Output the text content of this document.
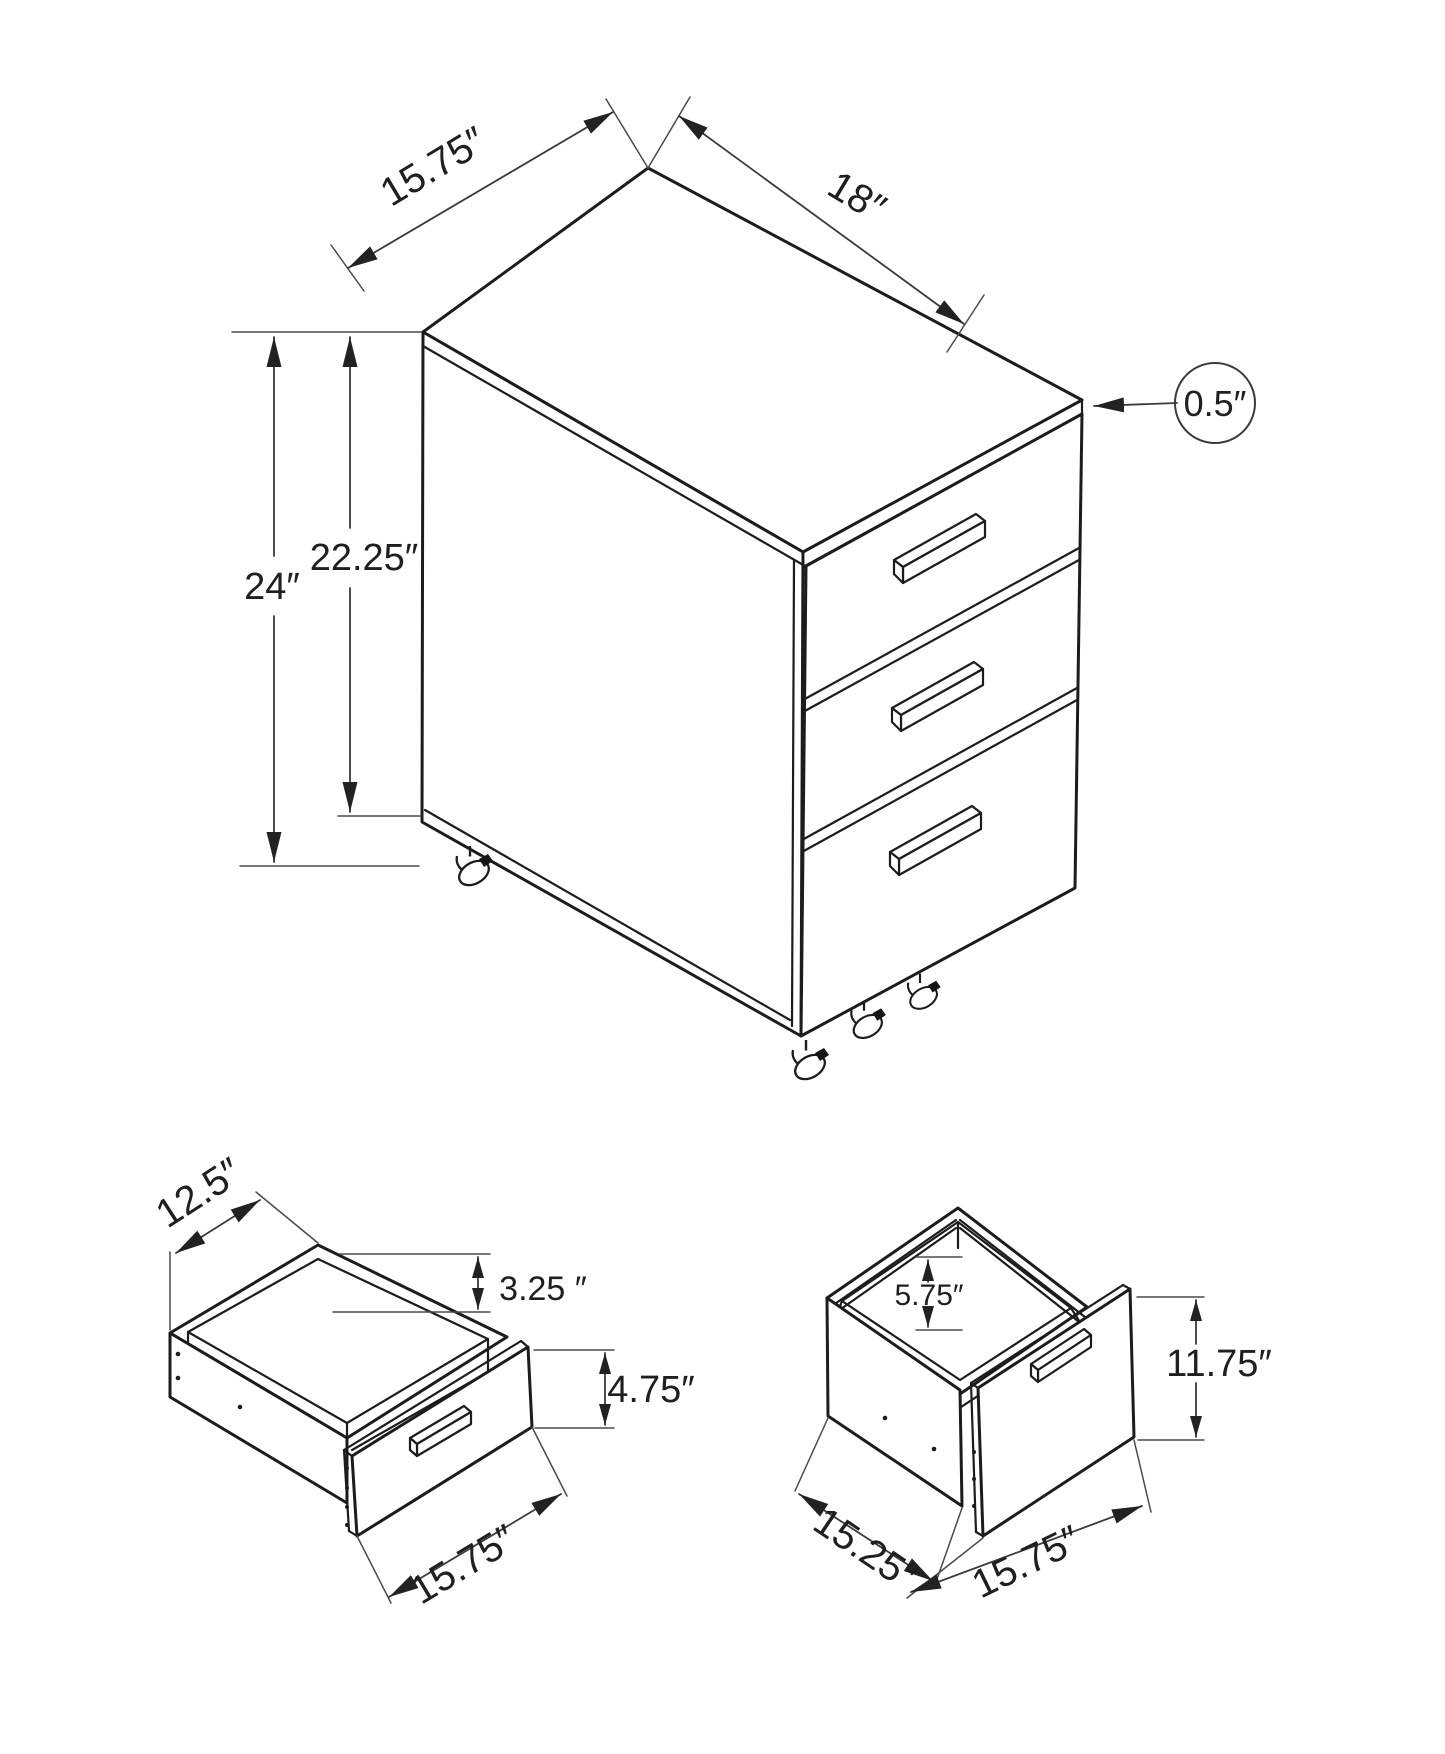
15.75″	18″
0.5″
24″
22.25″
12.5″
3.25 ″
4.75″
15.75″
5.75″
11.75″
15.25″ 15.75″
